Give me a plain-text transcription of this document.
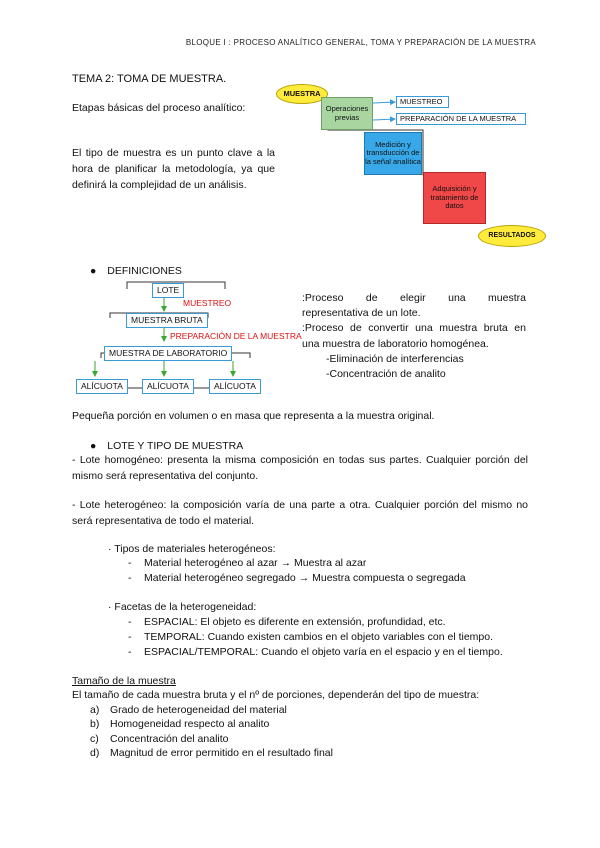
BLOQUE I : PROCESO ANALÍTICO GENERAL, TOMA Y PREPARACIÓN DE LA MUESTRA
TEMA 2: TOMA DE MUESTRA.
Etapas básicas del proceso analítico:
El tipo de muestra es un punto clave a la hora de planificar la metodología, ya que definirá la complejidad de un análisis.
MUESTRA
Operaciones previas
MUESTREO
PREPARACIÓN DE LA MUESTRA
Medición y transducción de la señal analítica
Adquisición y tratamiento de datos
RESULTADOS
● DEFINICIONES
LOTE
MUESTREO
MUESTRA BRUTA
PREPARACIÓN DE LA MUESTRA
MUESTRA DE LABORATORIO
ALÍCUOTA	ALÍCUOTA	ALÍCUOTA
:Proceso de elegir una muestra
representativa de un lote.
:Proceso de convertir una muestra bruta en
una muestra de laboratorio homogénea.
-Eliminación de interferencias
-Concentración de analito
Pequeña porción en volumen o en masa que representa a la muestra original.
● LOTE Y TIPO DE MUESTRA
- Lote homogéneo: presenta la misma composición en todas sus partes. Cualquier porción del mismo será representativa del conjunto.
- Lote heterogéneo: la composición varía de una parte a otra. Cualquier porción del mismo no será representativa de todo el material.
· Tipos de materiales heterogéneos:
- Material heterogéneo al azar → Muestra al azar
- Material heterogéneo segregado → Muestra compuesta o segregada
· Facetas de la heterogeneidad:
- ESPACIAL: El objeto es diferente en extensión, profundidad, etc.
- TEMPORAL: Cuando existen cambios en el objeto variables con el tiempo.
- ESPACIAL/TEMPORAL: Cuando el objeto varía en el espacio y en el tiempo.
Tamaño de la muestra
El tamaño de cada muestra bruta y el nº de porciones, dependerán del tipo de muestra:
a) Grado de heterogeneidad del material
b) Homogeneidad respecto al analito
c) Concentración del analito
d) Magnitud de error permitido en el resultado final
